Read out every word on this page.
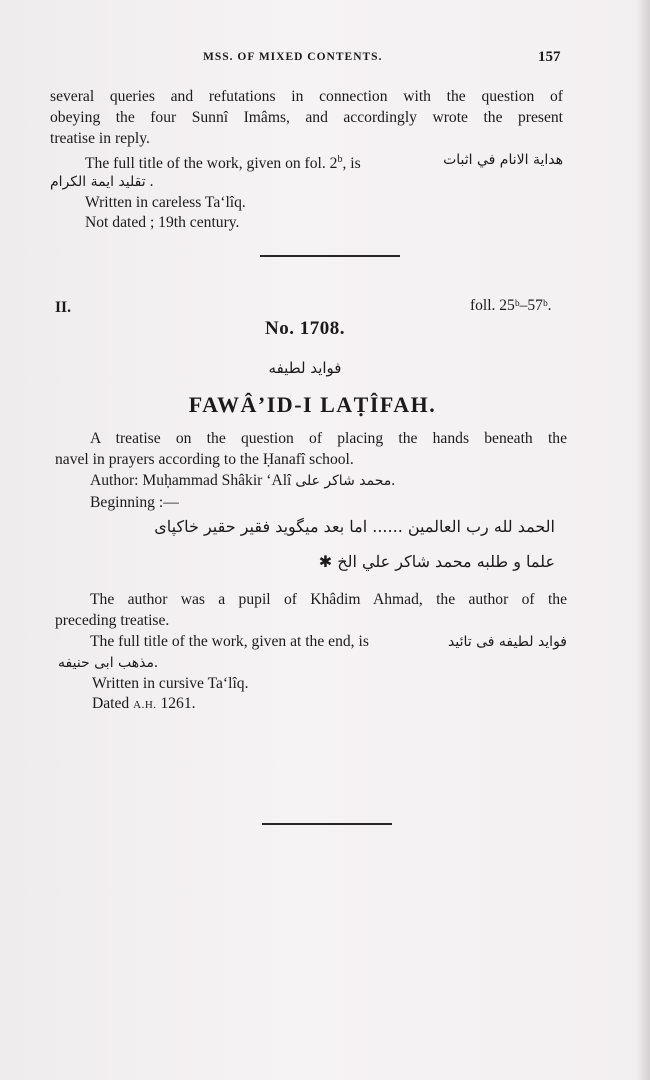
MSS. OF MIXED CONTENTS.	157
several queries and refutations in connection with the question of
obeying the four Sunnî Imâms, and accordingly wrote the present
treatise in reply.
The full title of the work, given on fol. 2$^b$, is	هداية الانام في اثبات
تقليد ايمة الكرام .
Written in careless Ta‘lîq.
Not dated ; 19th century.
II.	foll. 25ᵇ–57ᵇ.
No. 1708.
فواید لطیفه
FAWÂ’ID-I LAṬÎFAH.
A treatise on the question of placing the hands beneath the
navel in prayers according to the Ḥanafî school.
Author: Muḥammad Shâkir ‘Alî محمد شاکر علی.
Beginning :—
الحمد لله رب العالمين ...... اما بعد ميگويد فقير حقير خاکپای
علما و طلبه محمد شاکر علي الخ ✱
The author was a pupil of Khâdim Ahmad, the author of the
preceding treatise.
The full title of the work, given at the end, is	فواید لطيفه فی تائيد
مذهب ابی حنيفه.
Written in cursive Ta‘lîq.
Dated A.H. 1261.
